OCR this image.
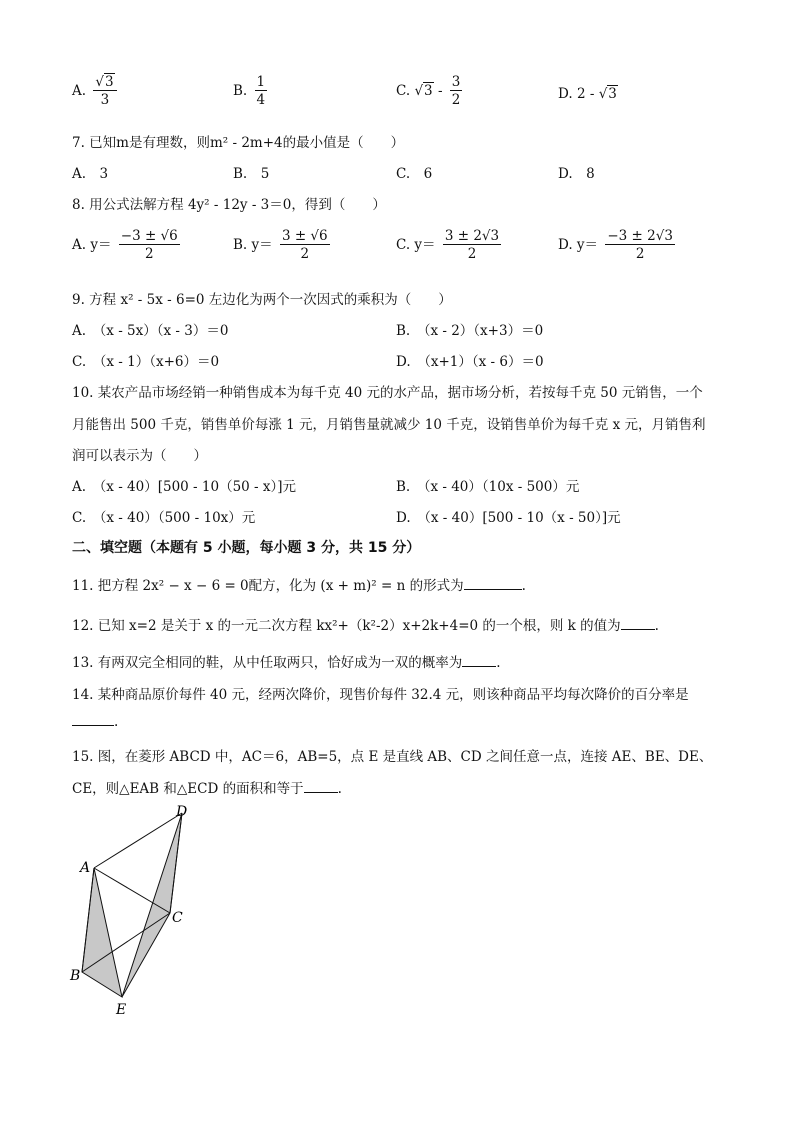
A. $\frac{√3}{3}$	B. $\frac{1}{4}$	C. $√3 - \frac{3}{2}$	D. 2 - √3
7. 已知m是有理数，则m² - 2m+4的最小值是（　　）
A.　3	B.　5	C.　6	D.　8
8. 用公式法解方程 4y² - 12y - 3＝0，得到（　　）
A. $y= \frac{-3 \pm √6}{2}$	B. $y= \frac{3 \pm √6}{2}$	C. $y= \frac{3 \pm 2√3}{2}$	D. $y= \frac{-3 \pm 2√3}{2}$
9. 方程 x² - 5x - 6=0 左边化为两个一次因式的乘积为（　　）
A.　（x - 5x）（x - 3）＝0	B.　（x - 2）（x+3）＝0
C.　（x - 1）（x+6）＝0	D.　（x+1）（x - 6）＝0
10. 某农产品市场经销一种销售成本为每千克 40 元的水产品，据市场分析，若按每千克 50 元销售，一个
月能售出 500 千克，销售单价每涨 1 元，月销售量就减少 10 千克，设销售单价为每千克 x 元，月销售利
润可以表示为（　　）
A.　（x - 40）[500 - 10（50 - x）]元	B.　（x - 40）（10x - 500）元
C.　（x - 40）（500 - 10x）元	D.　（x - 40）[500 - 10（x - 50）]元
二、填空题（本题有 5 小题，每小题 3 分，共 15 分）
11. 把方程 2x² − x − 6 = 0配方，化为 (x + m)² = n 的形式为	.
12. 已知 x=2 是关于 x 的一元二次方程 kx²+（k²-2）x+2k+4=0 的一个根，则 k 的值为	.
13. 有两双完全相同的鞋，从中任取两只，恰好成为一双的概率为	.
14. 某种商品原价每件 40 元，经两次降价，现售价每件 32.4 元，则该种商品平均每次降价的百分率是
.
15. 图，在菱形 ABCD 中，AC＝6，AB=5，点 E 是直线 AB、CD 之间任意一点，连接 AE、BE、DE、
CE，则△EAB 和△ECD 的面积和等于	.
D
A
C
B
E
